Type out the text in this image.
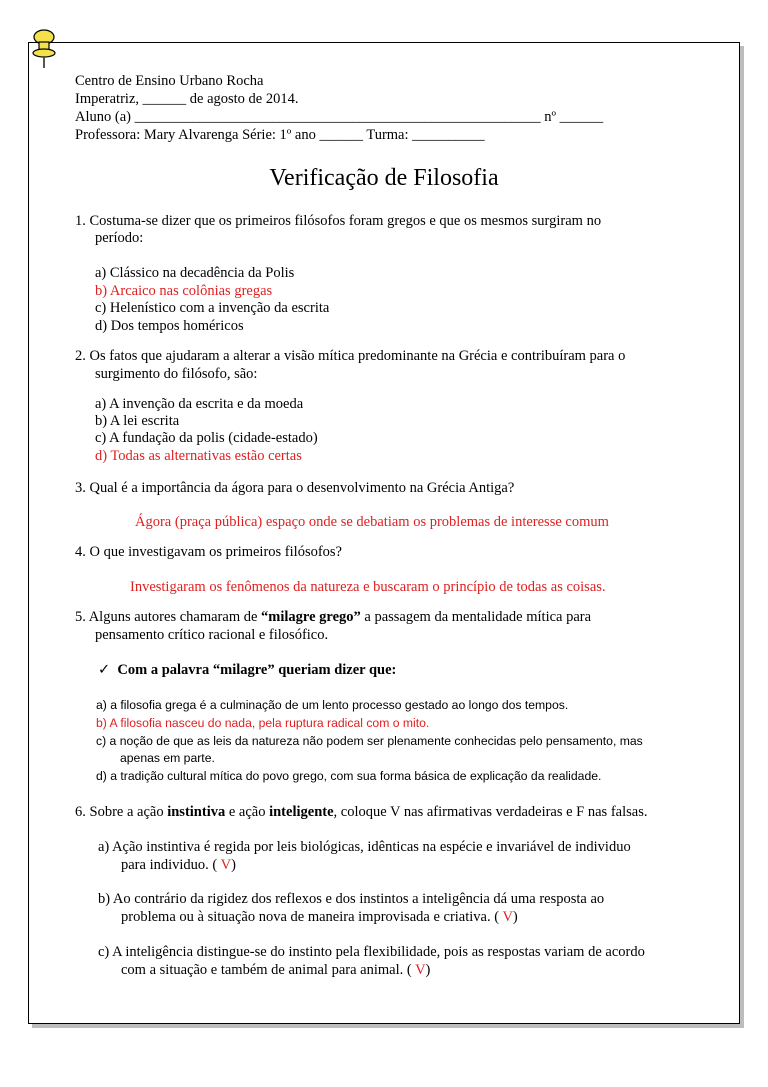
Centro de Ensino Urbano Rocha
Imperatriz, ______ de agosto de 2014.
Aluno (a) ________________________________________________________ nº ______
Professora: Mary Alvarenga Série: 1º ano ______ Turma: __________
Verificação de Filosofia
1. Costuma-se dizer que os primeiros filósofos foram gregos e que os mesmos surgiram no
período:
a) Clássico na decadência da Polis
b) Arcaico nas colônias gregas
c) Helenístico com a invenção da escrita
d) Dos tempos homéricos
2. Os fatos que ajudaram a alterar a visão mítica predominante na Grécia e contribuíram para o
surgimento do filósofo, são:
a) A invenção da escrita e da moeda
b) A lei escrita
c) A fundação da polis (cidade-estado)
d) Todas as alternativas estão certas
3. Qual é a importância da ágora para o desenvolvimento na Grécia Antiga?
Ágora (praça pública) espaço onde se debatiam os problemas de interesse comum
4. O que investigavam os primeiros filósofos?
Investigaram os fenômenos da natureza e buscaram o princípio de todas as coisas.
5. Alguns autores chamaram de “milagre grego” a passagem da mentalidade mítica para
pensamento crítico racional e filosófico.
✓ Com a palavra “milagre” queriam dizer que:
a) a filosofia grega é a culminação de um lento processo gestado ao longo dos tempos.
b) A filosofia nasceu do nada, pela ruptura radical com o mito.
c) a noção de que as leis da natureza não podem ser plenamente conhecidas pelo pensamento, mas
apenas em parte.
d) a tradição cultural mítica do povo grego, com sua forma básica de explicação da realidade.
6. Sobre a ação instintiva e ação inteligente, coloque V nas afirmativas verdadeiras e F nas falsas.
a) Ação instintiva é regida por leis biológicas, idênticas na espécie e invariável de individuo
para individuo. ( V)
b) Ao contrário da rigidez dos reflexos e dos instintos a inteligência dá uma resposta ao
problema ou à situação nova de maneira improvisada e criativa. ( V)
c) A inteligência distingue-se do instinto pela flexibilidade, pois as respostas variam de acordo
com a situação e também de animal para animal. ( V)
